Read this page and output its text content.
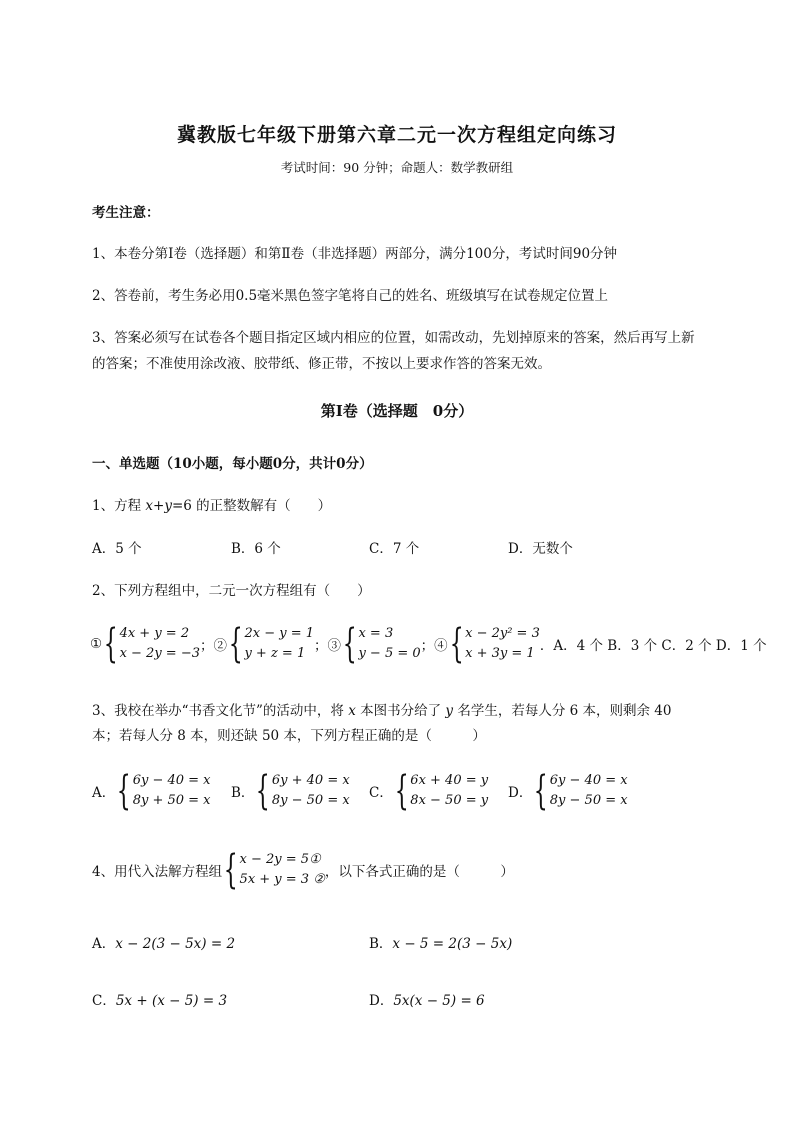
冀教版七年级下册第六章二元一次方程组定向练习
考试时间：90 分钟；命题人：数学教研组
考生注意：
1、本卷分第Ⅰ卷（选择题）和第Ⅱ卷（非选择题）两部分，满分100分，考试时间90分钟
2、答卷前，考生务必用0.5毫米黑色签字笔将自己的姓名、班级填写在试卷规定位置上
3、答案必须写在试卷各个题目指定区域内相应的位置，如需改动，先划掉原来的答案，然后再写上新
的答案；不准使用涂改液、胶带纸、修正带，不按以上要求作答的答案无效。
第Ⅰ卷（选择题　0分）
一、单选题（10小题，每小题0分，共计0分）
1、方程 x+y=6 的正整数解有（　　）
A．5 个	B．6 个	C．7 个	D．无数个
2、下列方程组中，二元一次方程组有（　　）
① { 4x + y = 2
x − 2y = −3 ；② { 2x − y = 1
y + z = 1 ；③ { x = 3
y − 5 = 0 ；④ { x − 2y² = 3
x + 3y = 1 ．A．4 个 B．3 个 C．2 个 D．1 个
3、我校在举办“书香文化节”的活动中，将 x 本图书分给了 y 名学生，若每人分 6 本，则剩余 40
本；若每人分 8 本，则还缺 50 本，下列方程正确的是（　　　）
A． { 6y − 40 = x
8y + 50 = x B． { 6y + 40 = x
8y − 50 = x C． { 6x + 40 = y
8x − 50 = y D． { 6y − 40 = x
8y − 50 = x
4、用代入法解方程组 { x − 2y = 5①
5x + y = 3 ② ，以下各式正确的是（　　　）
A．x − 2(3 − 5x) = 2	B．x − 5 = 2(3 − 5x)
C．5x + (x − 5) = 3	D．5x(x − 5) = 6
